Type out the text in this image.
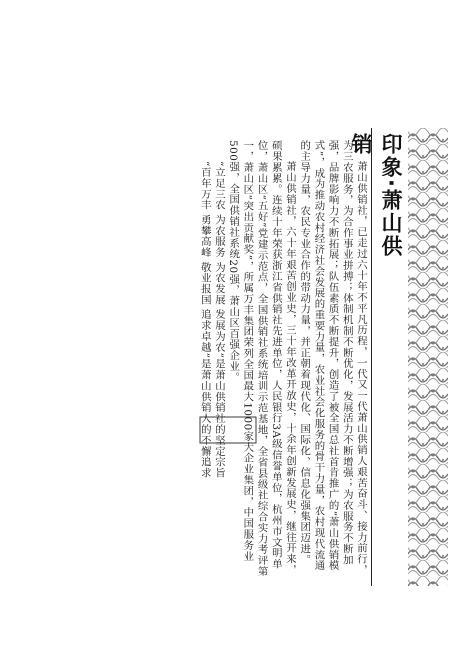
印象·萧山供销
萧山供销社，已走过六十年不平凡历程，一代又一代萧山供销人艰苦奋斗、接力前行，为三农服务，为合作事业拼搏；体制机制不断优化，发展活力不断增强；为农服务不断加强，品牌影响力不断拓展；队伍素质不断提升，创造了被全国总社首肯推广的“萧山供销模式”，成为推动农村经济社会发展的重要力量，农业社会化服务的骨干力量，农村现代流通的主导力量，农民专业合作的带动力量，并正朝着现代化、国际化、信息化强集团迈进。
萧山供销社，六十年艰苦创业史，三十年改革开放史，十余年创新发展史，继往开来，硕果累累。连续十年荣获浙江省供销社先进单位，人民银行3A级信誉单位，杭州市文明单位，萧山区“五好”党建示范点，全国供销社系统培训示范基地，全省县级社综合实力考评第一，萧山区“突出贡献奖”，所属万丰集团荣列全国最大1000家大企业集团，中国服务业500强，全国供销社系统20强，萧山区百强企业。
“立足三农 为农服务 为农发展 发展为农”是萧山供销社的坚定宗旨
“百年万丰 勇攀高峰 敬业报国 追求卓越”是萧山供销人的不懈追求
